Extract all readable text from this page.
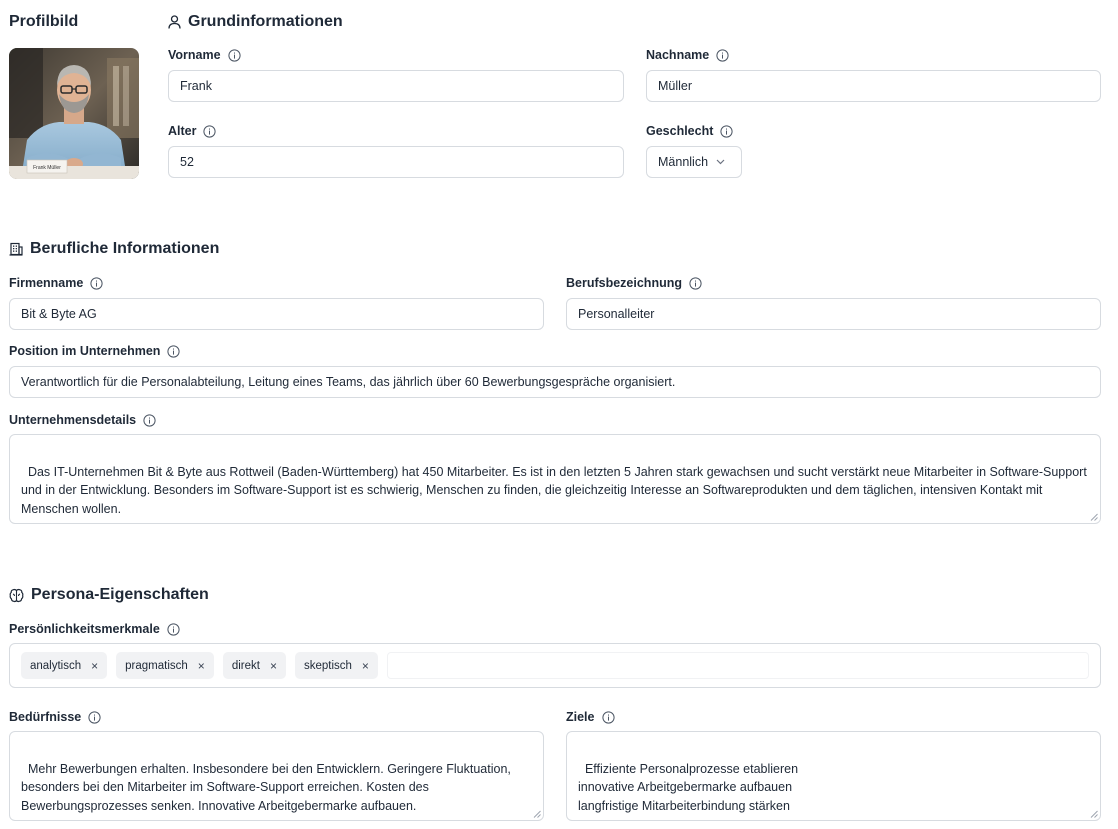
Profilbild
Frank Müller
Grundinformationen
Vorname
Frank
Nachname
Müller
Alter
52
Geschlecht
Männlich
Berufliche Informationen
Firmenname
Bit & Byte AG
Berufsbezeichnung
Personalleiter
Position im Unternehmen
Verantwortlich für die Personalabteilung, Leitung eines Teams, das jährlich über 60 Bewerbungsgespräche organisiert.
Unternehmensdetails

Das IT-Unternehmen Bit & Byte aus Rottweil (Baden-Württemberg) hat 450 Mitarbeiter. Es ist in den letzten 5 Jahren stark gewachsen und sucht verstärkt neue Mitarbeiter in Software-Support und in der Entwicklung. Besonders im Software-Support ist es schwierig, Menschen zu finden, die gleichzeitig Interesse an Softwareprodukten und dem täglichen, intensiven Kontakt mit Menschen wollen.

Persona-Eigenschaften
Persönlichkeitsmerkmale
analytisch × pragmatisch × direkt × skeptisch ×
Bedürfnisse

Mehr Bewerbungen erhalten. Insbesondere bei den Entwicklern. Geringere Fluktuation, besonders bei den Mitarbeiter im Software-Support erreichen. Kosten des Bewerbungsprozesses senken. Innovative Arbeitgebermarke aufbauen.

Ziele

Effiziente Personalprozesse etablieren
innovative Arbeitgebermarke aufbauen
langfristige Mitarbeiterbindung stärken
